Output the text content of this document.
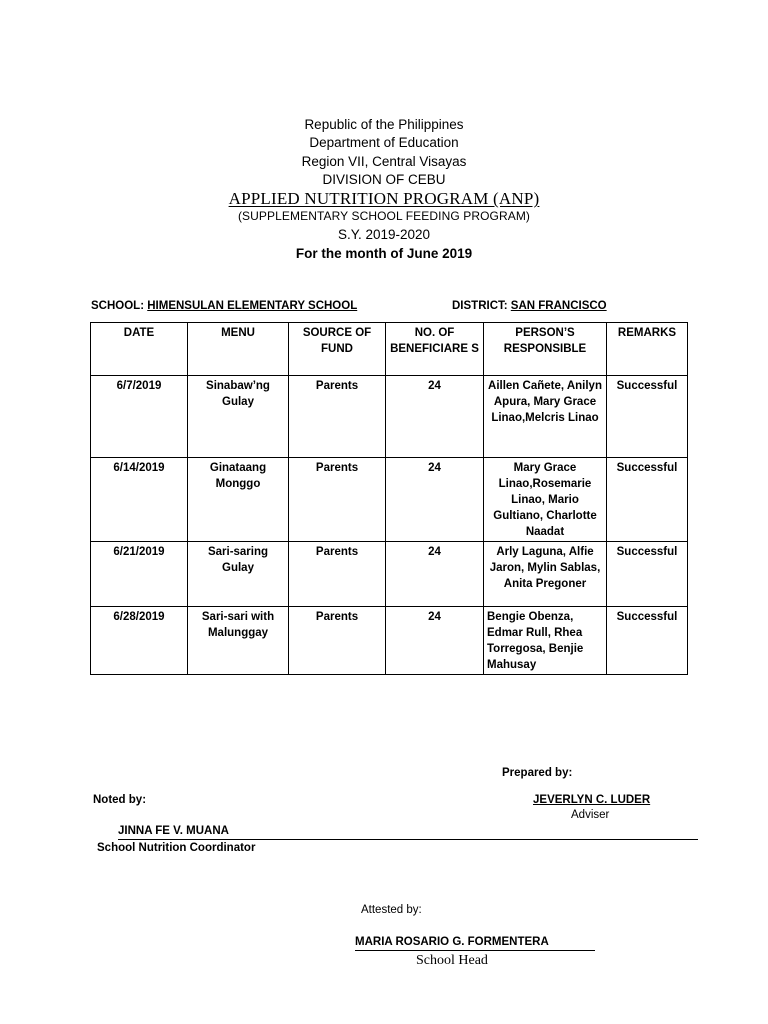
Republic of the Philippines
Department of Education
Region VII, Central Visayas
DIVISION OF CEBU
APPLIED NUTRITION PROGRAM (ANP)
(SUPPLEMENTARY SCHOOL FEEDING PROGRAM)
S.Y. 2019-2020
For the month of June 2019
SCHOOL: HIMENSULAN ELEMENTARY SCHOOL	DISTRICT: SAN FRANCISCO
DATE	MENU	SOURCE OF FUND	NO. OF BENEFICIARE S	PERSON’S RESPONSIBLE	REMARKS
6/7/2019	Sinabaw’ng Gulay	Parents	24	Aillen Cañete, Anilyn Apura, Mary Grace Linao,Melcris Linao	Successful
6/14/2019	Ginataang Monggo	Parents	24	Mary Grace Linao,Rosemarie Linao, Mario Gultiano, Charlotte Naadat	Successful
6/21/2019	Sari-saring Gulay	Parents	24	Arly Laguna, Alfie Jaron, Mylin Sablas, Anita Pregoner	Successful
6/28/2019	Sari-sari with Malunggay	Parents	24	Bengie Obenza, Edmar Rull, Rhea Torregosa, Benjie Mahusay	Successful
Prepared by:
Noted by:	JEVERLYN C. LUDER
Adviser
JINNA FE V. MUANA
School Nutrition Coordinator
Attested by:
MARIA ROSARIO G. FORMENTERA
School Head
